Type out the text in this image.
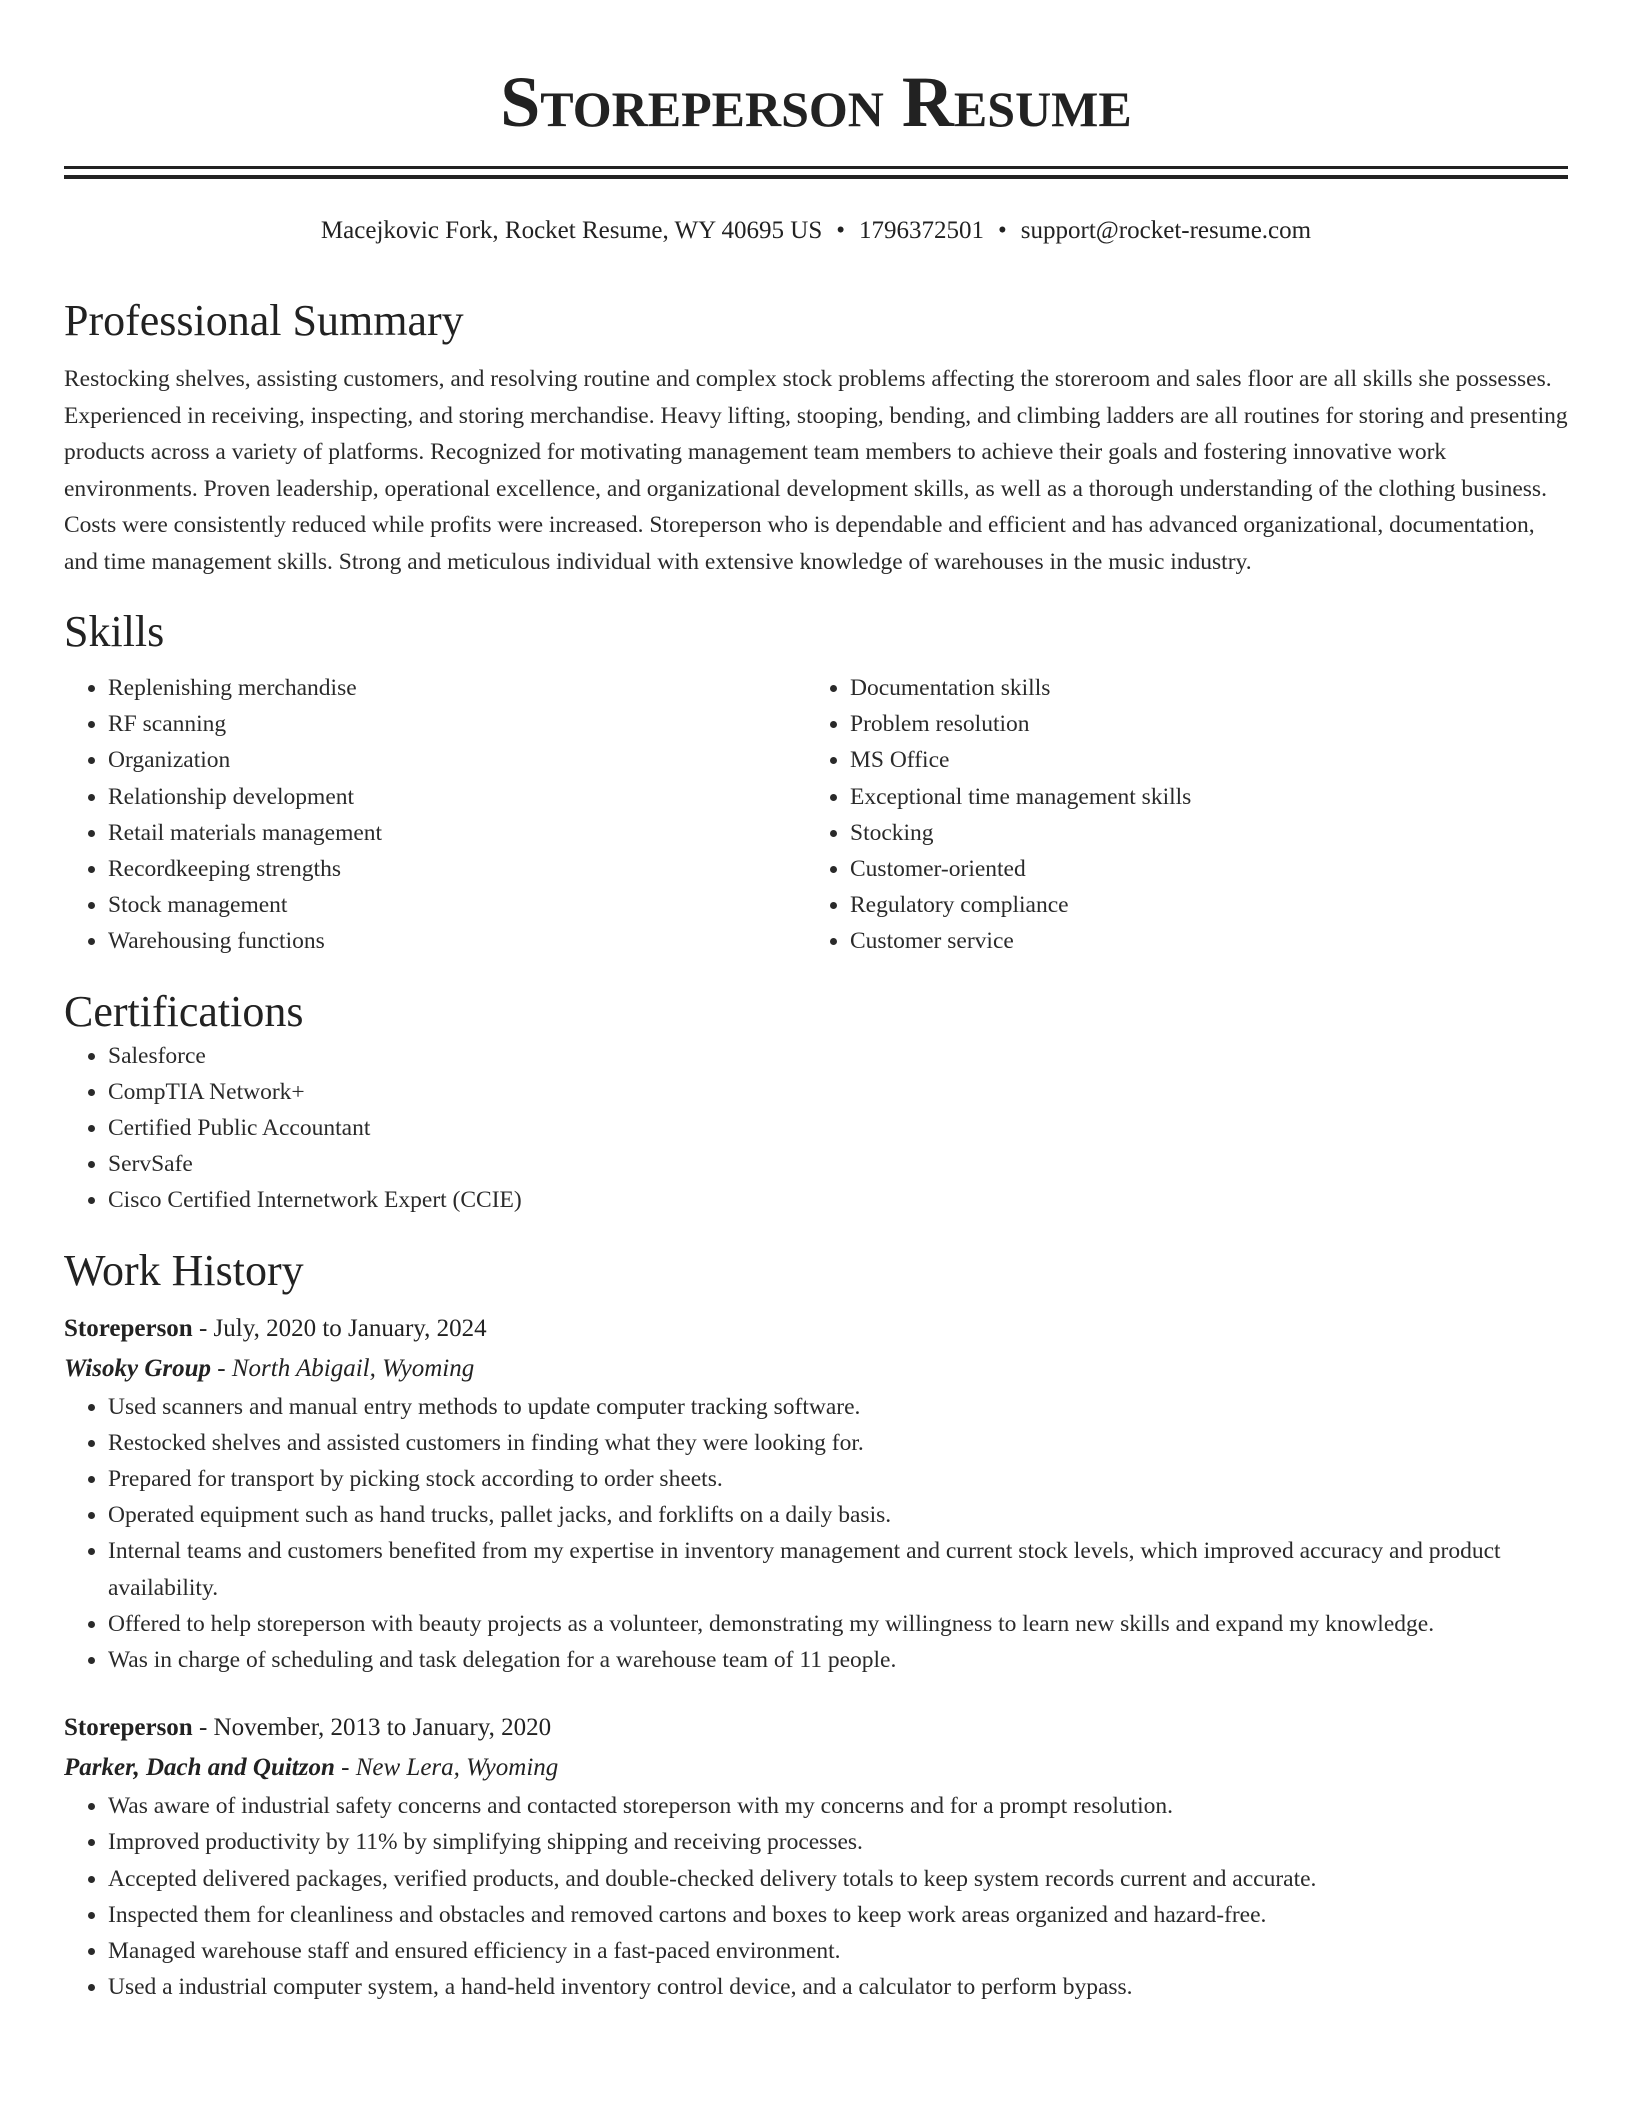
Storeperson Resume
Macejkovic Fork, Rocket Resume, WY 40695 US • 1796372501 • support@rocket-resume.com
Professional Summary

Restocking shelves, assisting customers, and resolving routine and complex stock problems affecting the storeroom and sales floor are all skills she possesses. Experienced in receiving, inspecting, and storing merchandise. Heavy lifting, stooping, bending, and climbing ladders are all routines for storing and presenting products across a variety of platforms. Recognized for motivating management team members to achieve their goals and fostering innovative work environments. Proven leadership, operational excellence, and organizational development skills, as well as a thorough understanding of the clothing business. Costs were consistently reduced while profits were increased. Storeperson who is dependable and efficient and has advanced organizational, documentation, and time management skills. Strong and meticulous individual with extensive knowledge of warehouses in the music industry.

Skills
• Replenishing merchandise
• RF scanning
• Organization
• Relationship development
• Retail materials management
• Recordkeeping strengths
• Stock management
• Warehousing functions
• Documentation skills
• Problem resolution
• MS Office
• Exceptional time management skills
• Stocking
• Customer-oriented
• Regulatory compliance
• Customer service
Certifications
• Salesforce
• CompTIA Network+
• Certified Public Accountant
• ServSafe
• Cisco Certified Internetwork Expert (CCIE)
Work History
Storeperson - July, 2020 to January, 2024
Wisoky Group - North Abigail, Wyoming
• Used scanners and manual entry methods to update computer tracking software.
• Restocked shelves and assisted customers in finding what they were looking for.
• Prepared for transport by picking stock according to order sheets.
• Operated equipment such as hand trucks, pallet jacks, and forklifts on a daily basis.
• Internal teams and customers benefited from my expertise in inventory management and current stock levels, which improved accuracy and product availability.
• Offered to help storeperson with beauty projects as a volunteer, demonstrating my willingness to learn new skills and expand my knowledge.
• Was in charge of scheduling and task delegation for a warehouse team of 11 people.
Storeperson - November, 2013 to January, 2020
Parker, Dach and Quitzon - New Lera, Wyoming
• Was aware of industrial safety concerns and contacted storeperson with my concerns and for a prompt resolution.
• Improved productivity by 11% by simplifying shipping and receiving processes.
• Accepted delivered packages, verified products, and double-checked delivery totals to keep system records current and accurate.
• Inspected them for cleanliness and obstacles and removed cartons and boxes to keep work areas organized and hazard-free.
• Managed warehouse staff and ensured efficiency in a fast-paced environment.
• Used a industrial computer system, a hand-held inventory control device, and a calculator to perform bypass.
